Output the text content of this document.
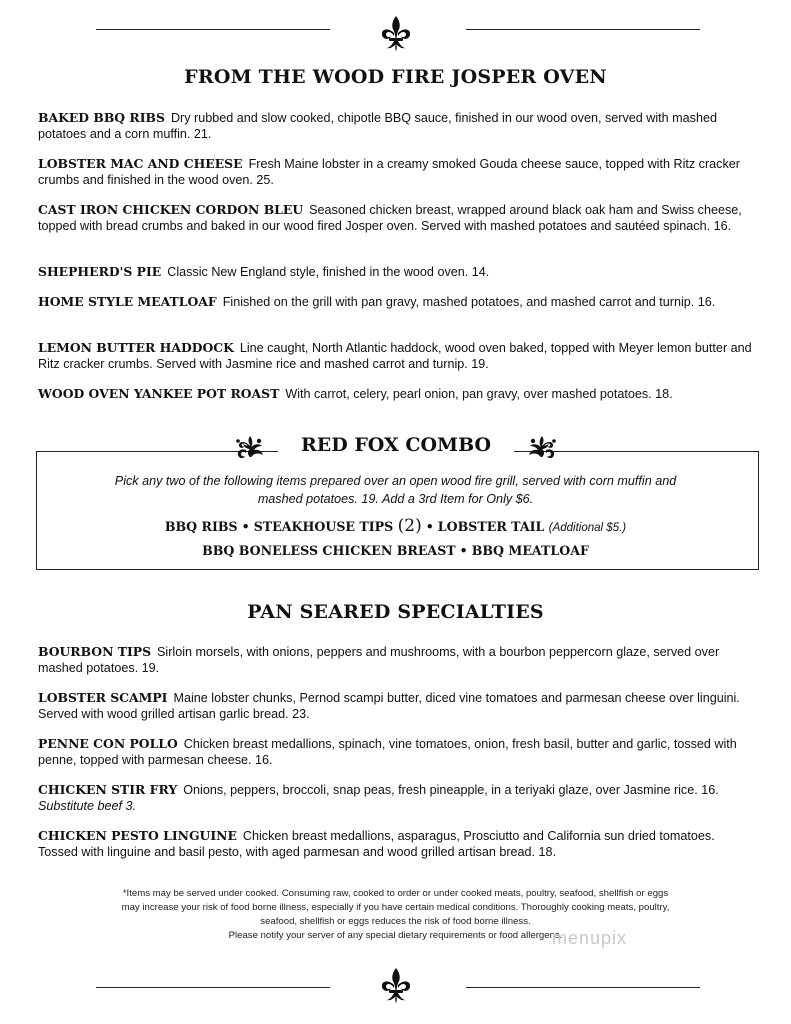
FROM THE WOOD FIRE JOSPER OVEN
BAKED BBQ RIBS Dry rubbed and slow cooked, chipotle BBQ sauce, finished in our wood oven, served with mashed potatoes and a corn muffin. 21.
LOBSTER MAC AND CHEESE Fresh Maine lobster in a creamy smoked Gouda cheese sauce, topped with Ritz cracker crumbs and finished in the wood oven. 25.
CAST IRON CHICKEN CORDON BLEU Seasoned chicken breast, wrapped around black oak ham and Swiss cheese, topped with bread crumbs and baked in our wood fired Josper oven. Served with mashed potatoes and sautéed spinach. 16.
SHEPHERD'S PIE Classic New England style, finished in the wood oven. 14.
HOME STYLE MEATLOAF Finished on the grill with pan gravy, mashed potatoes, and mashed carrot and turnip. 16.
LEMON BUTTER HADDOCK Line caught, North Atlantic haddock, wood oven baked, topped with Meyer lemon butter and Ritz cracker crumbs. Served with Jasmine rice and mashed carrot and turnip. 19.
WOOD OVEN YANKEE POT ROAST With carrot, celery, pearl onion, pan gravy, over mashed potatoes. 18.
RED FOX COMBO
Pick any two of the following items prepared over an open wood fire grill, served with corn muffin and
mashed potatoes. 19. Add a 3rd Item for Only $6.
BBQ RIBS • STEAKHOUSE TIPS (2) • LOBSTER TAIL (Additional $5.)
BBQ BONELESS CHICKEN BREAST • BBQ MEATLOAF
PAN SEARED SPECIALTIES
BOURBON TIPS Sirloin morsels, with onions, peppers and mushrooms, with a bourbon peppercorn glaze, served over mashed potatoes. 19.
LOBSTER SCAMPI Maine lobster chunks, Pernod scampi butter, diced vine tomatoes and parmesan cheese over linguini. Served with wood grilled artisan garlic bread. 23.
PENNE CON POLLO Chicken breast medallions, spinach, vine tomatoes, onion, fresh basil, butter and garlic, tossed with penne, topped with parmesan cheese. 16.
CHICKEN STIR FRY Onions, peppers, broccoli, snap peas, fresh pineapple, in a teriyaki glaze, over Jasmine rice. 16.
Substitute beef 3.
CHICKEN PESTO LINGUINE Chicken breast medallions, asparagus, Prosciutto and California sun dried tomatoes. Tossed with linguine and basil pesto, with aged parmesan and wood grilled artisan bread. 18.
*Items may be served under cooked. Consuming raw, cooked to order or under cooked meats, poultry, seafood, shellfish or eggs
may increase your risk of food borne illness, especially if you have certain medical conditions. Thoroughly cooking meats, poultry,
seafood, shellfish or eggs reduces the risk of food borne illness.
Please notify your server of any special dietary requirements or food allergens.
menupix
